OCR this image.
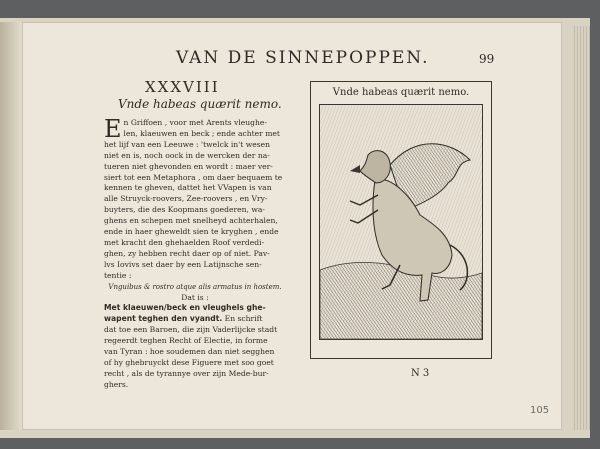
VAN DE SINNEPOPPEN.	99
XXXVIII
Vnde habeas quærit nemo.

E n Griffoen , voor met Arents vleughe-
len, klaeuwen en beck ; ende achter met
het lijf van een Leeuwe : 'twelck in't wesen
niet en is, noch oock in de wercken der na-
tueren niet ghevonden en wordt : maer ver-
siert tot een Metaphora , om daer bequaem te
kennen te gheven, dattet het VVapen is van
alle Struyck-roovers, Zee-roovers , en Vry-
buyters, die des Koopmans goederen, wa-
ghens en schepen met snelheyd achterhalen,
ende in haer gheweldt sien te kryghen , ende
met kracht den ghehaelden Roof verdedi-
ghen, zy hebben recht daer op of niet. Pav-
lvs Iovivs set daer by een Latijnsche sen-
tentie :

Vnguibus & rostro atque alis armatus in hostem.

Dat is :

Met klaeuwen/beck en vleughels ghe-
wapent teghen den vyandt. En schrift
dat toe een Baroen, die zijn Vaderlijcke stadt
regeerdt teghen Recht of Electie, in forme
van Tyran : hoe soudemen dan niet segghen
of hy ghebruyckt dese Figuere met soo goet
recht , als de tyrannye over zijn Mede-bur-
ghers.

Vnde habeas quærit nemo.
N 3
105
